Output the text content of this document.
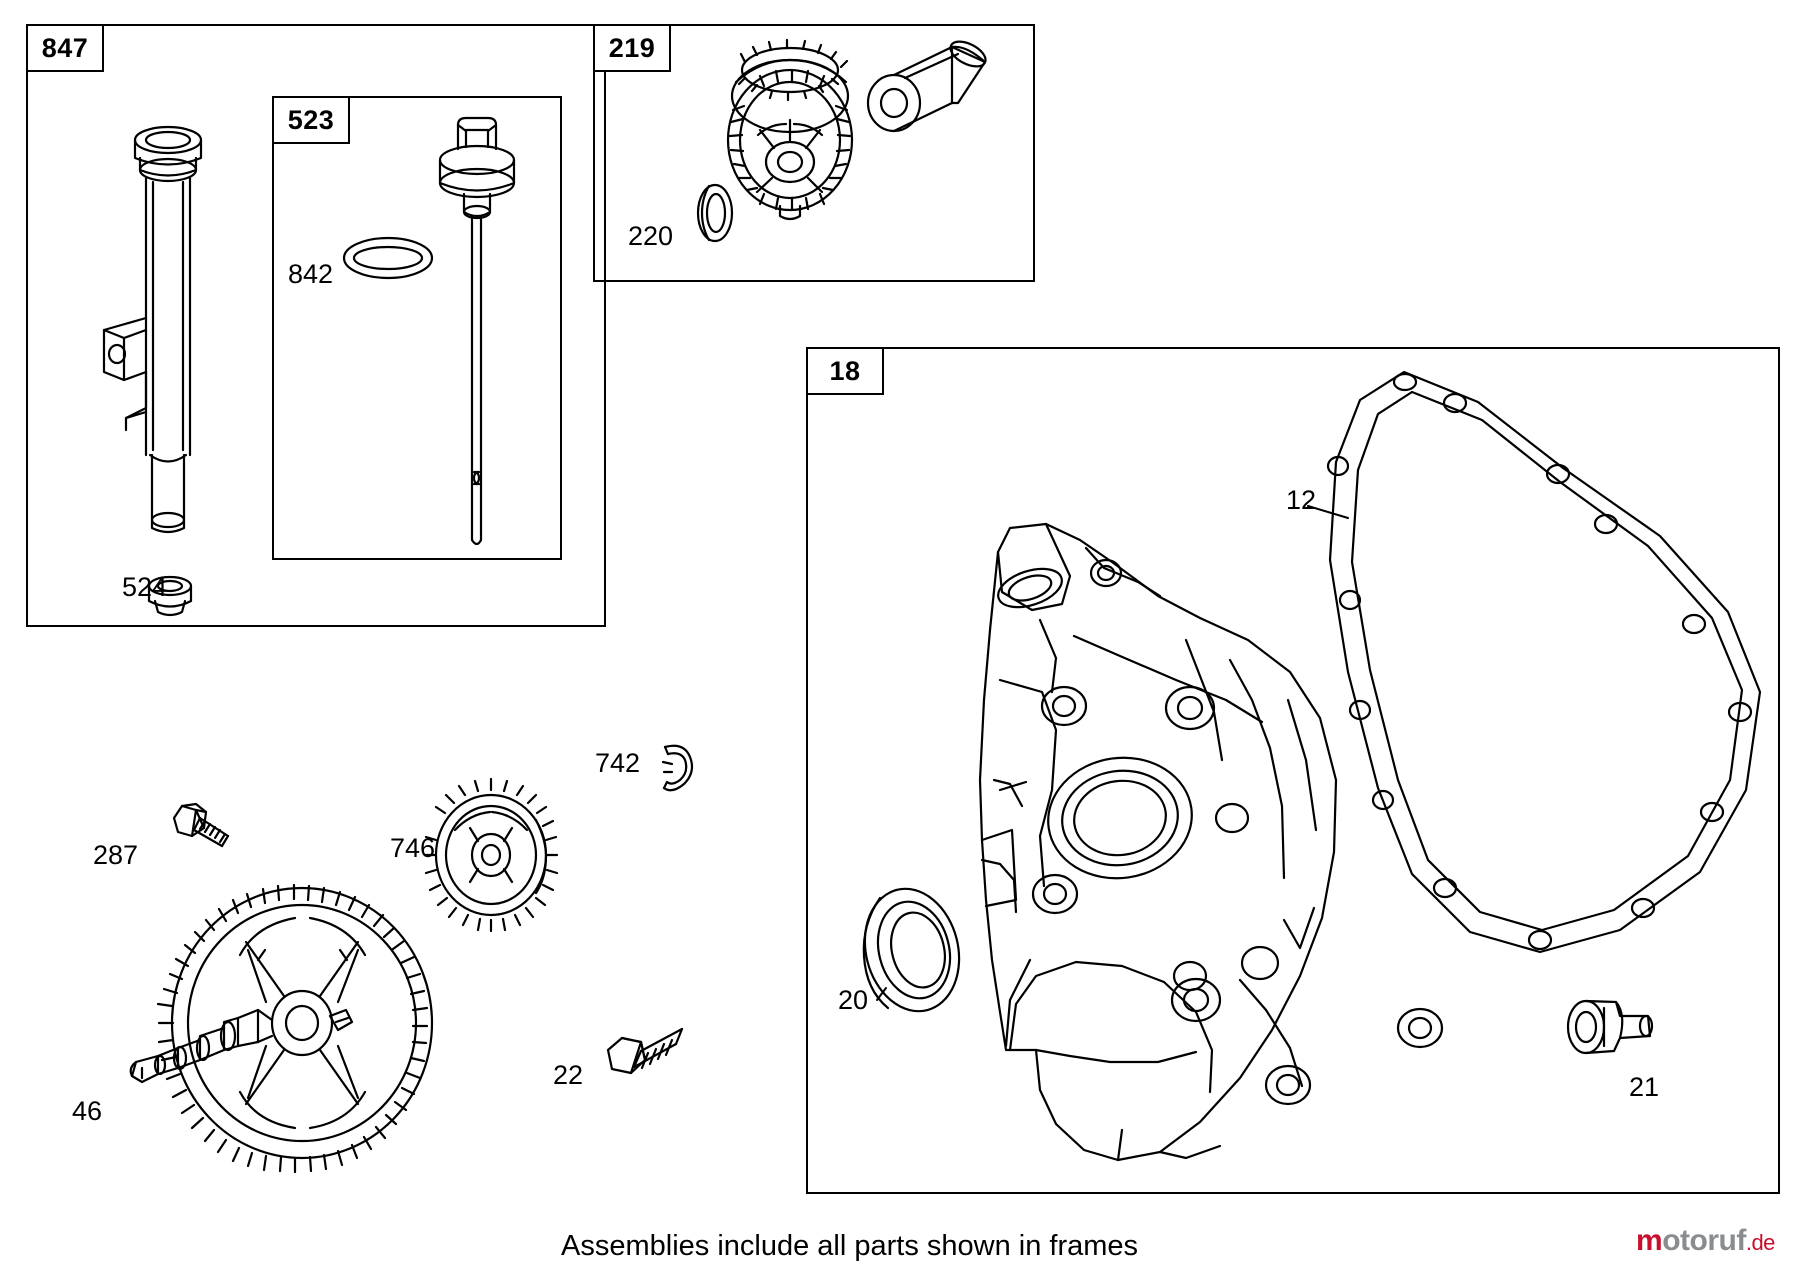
847
523
219
18
842
524
220
12
20
21
742
287	746
22
46
Assemblies include all parts shown in frames	motoruf.de
